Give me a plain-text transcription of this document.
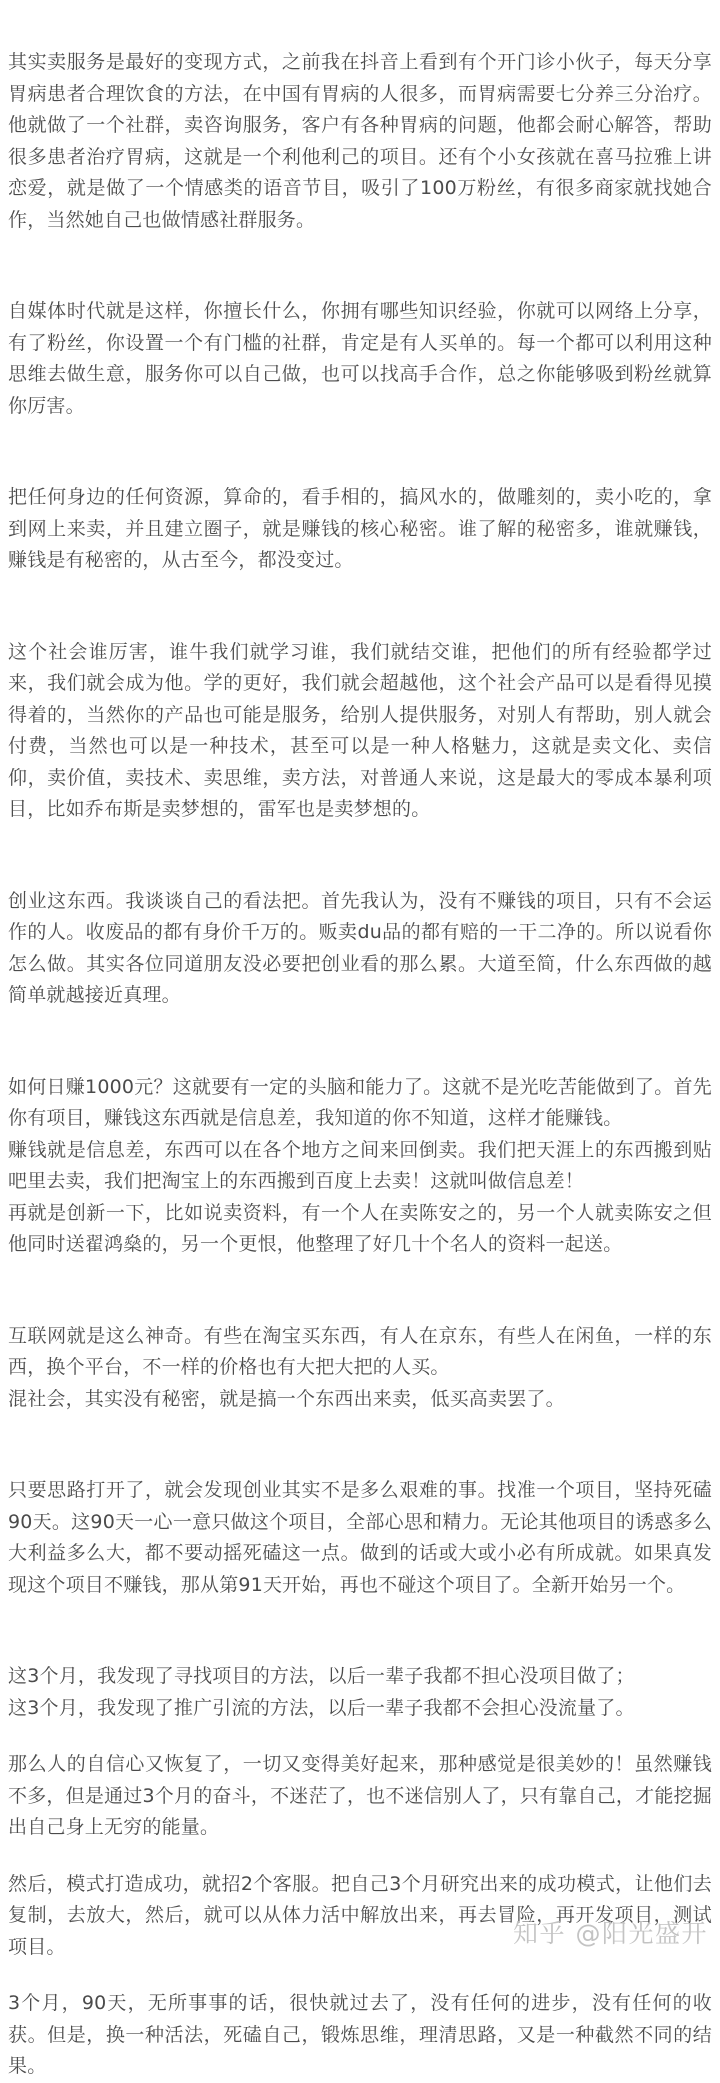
其实卖服务是最好的变现方式，之前我在抖音上看到有个开门诊小伙子，每天分享胃病患者合理饮食的方法，在中国有胃病的人很多，而胃病需要七分养三分治疗。他就做了一个社群，卖咨询服务，客户有各种胃病的问题，他都会耐心解答，帮助很多患者治疗胃病，这就是一个利他利己的项目。还有个小女孩就在喜马拉雅上讲恋爱，就是做了一个情感类的语音节目，吸引了100万粉丝，有很多商家就找她合作，当然她自己也做情感社群服务。

自媒体时代就是这样，你擅长什么，你拥有哪些知识经验，你就可以网络上分享，有了粉丝，你设置一个有门槛的社群，肯定是有人买单的。每一个都可以利用这种思维去做生意，服务你可以自己做，也可以找高手合作，总之你能够吸到粉丝就算你厉害。

把任何身边的任何资源，算命的，看手相的，搞风水的，做雕刻的，卖小吃的，拿到网上来卖，并且建立圈子，就是赚钱的核心秘密。谁了解的秘密多，谁就赚钱，赚钱是有秘密的，从古至今，都没变过。

这个社会谁厉害，谁牛我们就学习谁，我们就结交谁，把他们的所有经验都学过来，我们就会成为他。学的更好，我们就会超越他，这个社会产品可以是看得见摸得着的，当然你的产品也可能是服务，给别人提供服务，对别人有帮助，别人就会付费，当然也可以是一种技术，甚至可以是一种人格魅力，这就是卖文化、卖信仰，卖价值，卖技术、卖思维，卖方法，对普通人来说，这是最大的零成本暴利项目，比如乔布斯是卖梦想的，雷军也是卖梦想的。

创业这东西。我谈谈自己的看法把。首先我认为，没有不赚钱的项目，只有不会运作的人。收废品的都有身价千万的。贩卖du品的都有赔的一干二净的。所以说看你怎么做。其实各位同道朋友没必要把创业看的那么累。大道至简，什么东西做的越简单就越接近真理。

如何日赚1000元？这就要有一定的头脑和能力了。这就不是光吃苦能做到了。首先你有项目，赚钱这东西就是信息差，我知道的你不知道，这样才能赚钱。
赚钱就是信息差，东西可以在各个地方之间来回倒卖。我们把天涯上的东西搬到贴吧里去卖，我们把淘宝上的东西搬到百度上去卖！这就叫做信息差！
再就是创新一下，比如说卖资料，有一个人在卖陈安之的，另一个人就卖陈安之但他同时送翟鸿燊的，另一个更恨，他整理了好几十个名人的资料一起送。

互联网就是这么神奇。有些在淘宝买东西，有人在京东，有些人在闲鱼，一样的东西，换个平台，不一样的价格也有大把大把的人买。
混社会，其实没有秘密，就是搞一个东西出来卖，低买高卖罢了。

只要思路打开了，就会发现创业其实不是多么艰难的事。找准一个项目，坚持死磕90天。这90天一心一意只做这个项目，全部心思和精力。无论其他项目的诱惑多么大利益多么大，都不要动摇死磕这一点。做到的话或大或小必有所成就。如果真发现这个项目不赚钱，那从第91天开始，再也不碰这个项目了。全新开始另一个。

这3个月，我发现了寻找项目的方法，以后一辈子我都不担心没项目做了；
这3个月，我发现了推广引流的方法，以后一辈子我都不会担心没流量了。

那么人的自信心又恢复了，一切又变得美好起来，那种感觉是很美妙的！虽然赚钱不多，但是通过3个月的奋斗，不迷茫了，也不迷信别人了，只有靠自己，才能挖掘出自己身上无穷的能量。

然后，模式打造成功，就招2个客服。把自己3个月研究出来的成功模式，让他们去复制，去放大，然后，就可以从体力活中解放出来，再去冒险，再开发项目，测试项目。

3个月，90天，无所事事的话，很快就过去了，没有任何的进步，没有任何的收获。但是，换一种活法，死磕自己，锻炼思维，理清思路，又是一种截然不同的结果。

知乎 @阳光盛开
